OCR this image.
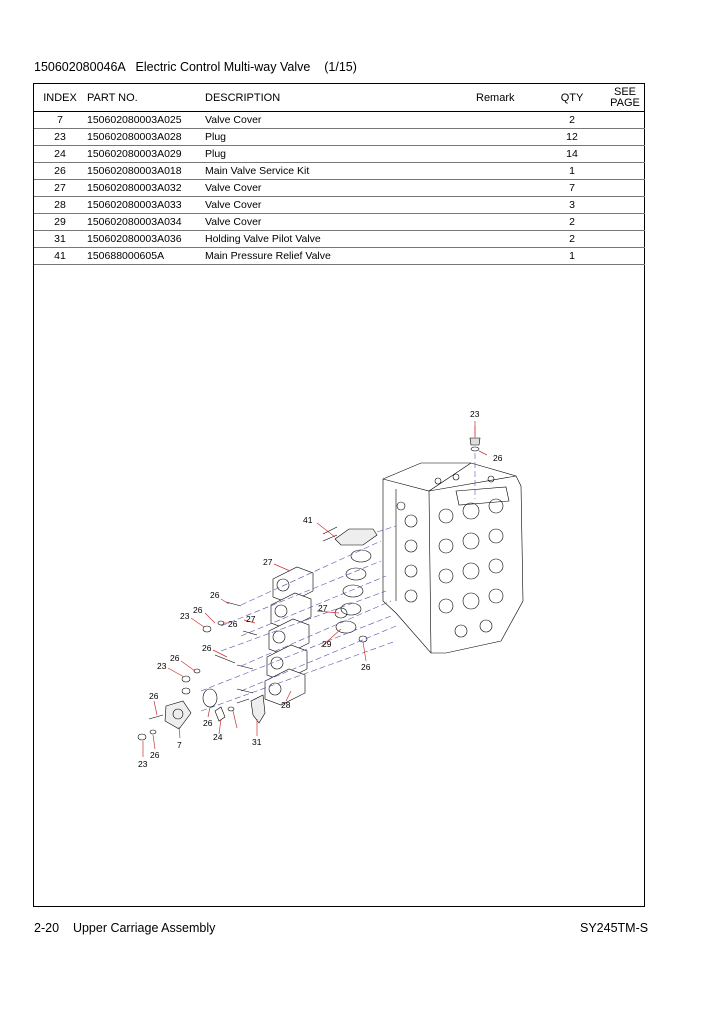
150602080046A Electric Control Multi-way Valve (1/15)
INDEX	PART NO.	DESCRIPTION	Remark	QTY	SEE
PAGE

7	150602080003A025	Valve Cover		2	
23	150602080003A028	Plug		12	
24	150602080003A029	Plug		14	
26	150602080003A018	Main Valve Service Kit		1	
27	150602080003A032	Valve Cover		7	
28	150602080003A033	Valve Cover		3	
29	150602080003A034	Valve Cover		2	
31	150602080003A036	Holding Valve Pilot Valve		2	
41	150688000605A	Main Pressure Relief Valve		1	
23
26
41
27
26
26
23
26 27
27
29
26
26
23
26
28
26
24
26
31
7
26
23
2-20 Upper Carriage Assembly	SY245TM-S
